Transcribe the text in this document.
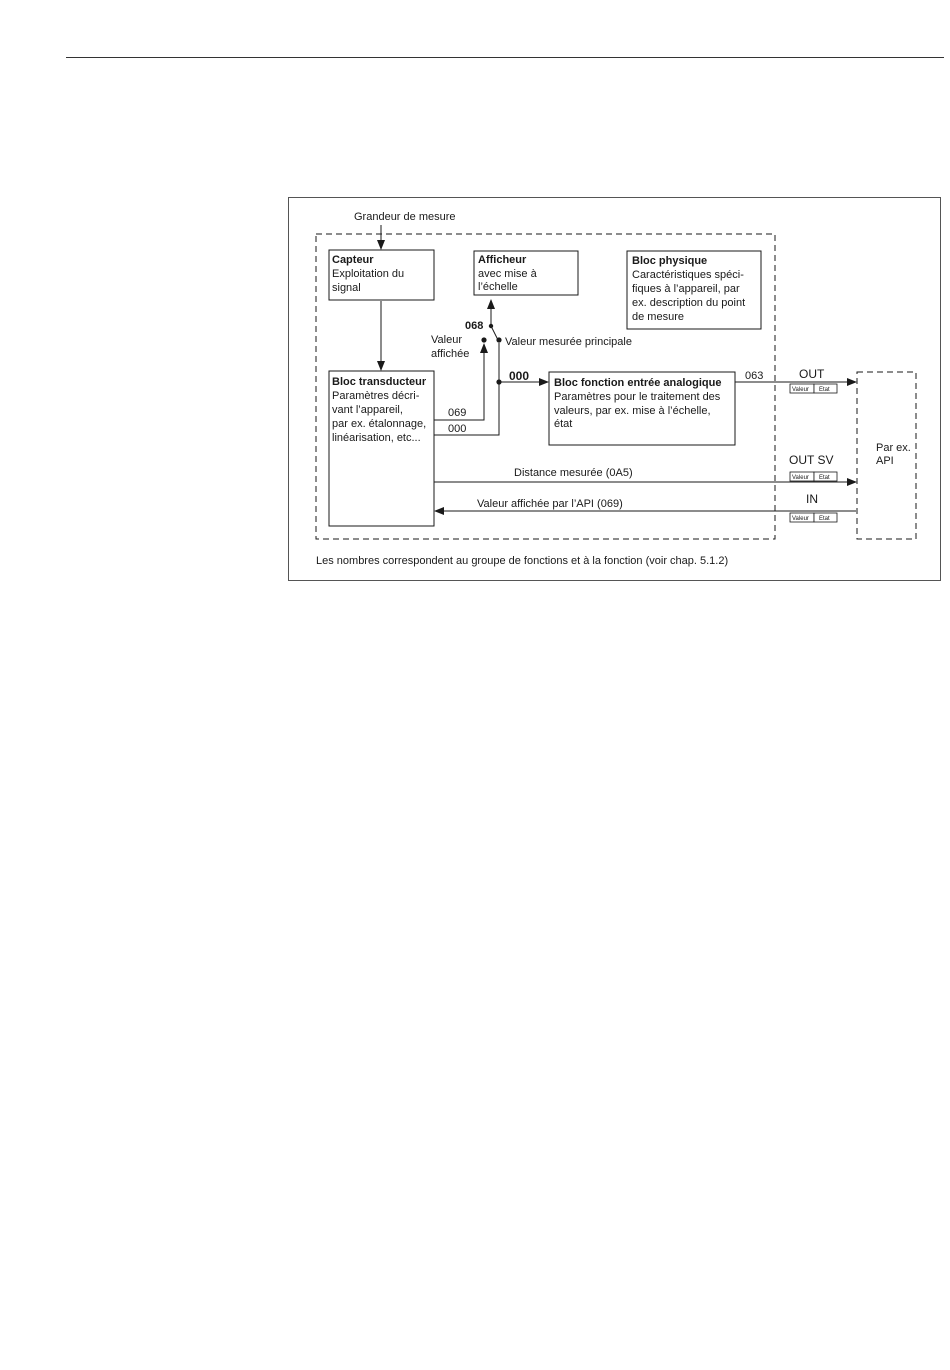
Grandeur de mesure
Capteur
Exploitation du
signal
Afficheur
avec mise à
l’échelle
Bloc physique
Caractéristiques spéci-
fiques à l’appareil, par
ex. description du point
de mesure
Bloc transducteur
Paramètres décri-
vant l’appareil,
par ex. étalonnage,
linéarisation, etc...
Bloc fonction entrée analogique
Paramètres pour le traitement des
valeurs, par ex. mise à l’échelle,
état
068
Valeur
affichée
Valeur mesurée principale
069
000
000	063	OUT
Valeur Etat
Distance mesurée (0A5)
OUT SV
Valeur Etat
Valeur affichée par l’API (069)	IN
Valeur Etat
Par ex.
API
Les nombres correspondent au groupe de fonctions et à la fonction (voir chap. 5.1.2)
